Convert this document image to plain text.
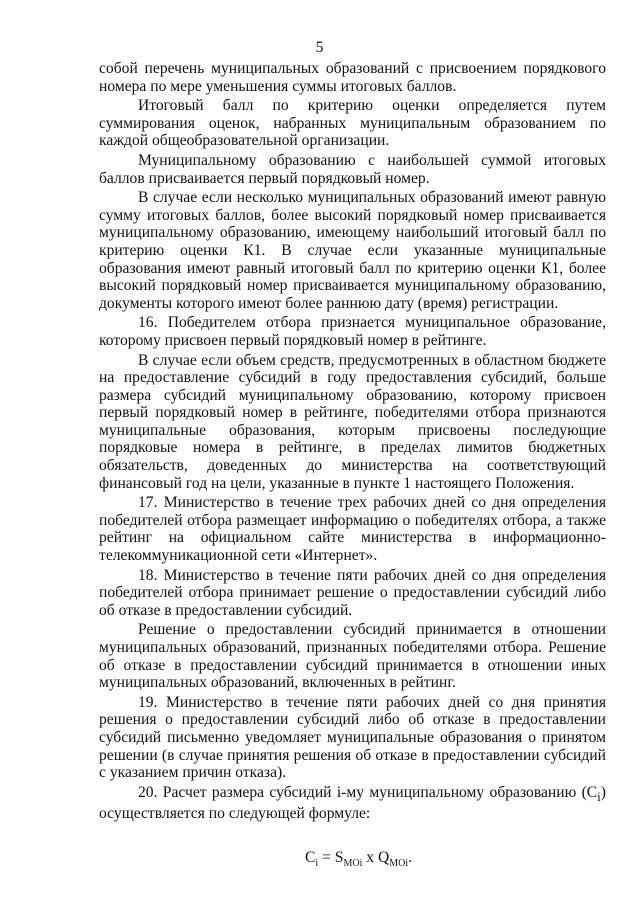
5

собой перечень муниципальных образований с присвоением порядкового номера по мере уменьшения суммы итоговых баллов.

Итоговый балл по критерию оценки определяется путем суммирования оценок, набранных муниципальным образованием по каждой общеобразовательной организации.

Муниципальному образованию с наибольшей суммой итоговых баллов присваивается первый порядковый номер.

В случае если несколько муниципальных образований имеют равную сумму итоговых баллов, более высокий порядковый номер присваивается муниципальному образованию, имеющему наибольший итоговый балл по критерию оценки К1. В случае если указанные муниципальные образования имеют равный итоговый балл по критерию оценки К1, более высокий порядковый номер присваивается муниципальному образованию, документы которого имеют более раннюю дату (время) регистрации.

16. Победителем отбора признается муниципальное образование, которому присвоен первый порядковый номер в рейтинге.

В случае если объем средств, предусмотренных в областном бюджете на предоставление субсидий в году предоставления субсидий, больше размера субсидий муниципальному образованию, которому присвоен первый порядковый номер в рейтинге, победителями отбора признаются муниципальные образования, которым присвоены последующие порядковые номера в рейтинге, в пределах лимитов бюджетных обязательств, доведенных до министерства на соответствующий финансовый год на цели, указанные в пункте 1 настоящего Положения.

17. Министерство в течение трех рабочих дней со дня определения победителей отбора размещает информацию о победителях отбора, а также рейтинг на официальном сайте министерства в информационно-телекоммуникационной сети «Интернет».

18. Министерство в течение пяти рабочих дней со дня определения победителей отбора принимает решение о предоставлении субсидий либо об отказе в предоставлении субсидий.

Решение о предоставлении субсидий принимается в отношении муниципальных образований, признанных победителями отбора. Решение об отказе в предоставлении субсидий принимается в отношении иных муниципальных образований, включенных в рейтинг.

19. Министерство в течение пяти рабочих дней со дня принятия решения о предоставлении субсидий либо об отказе в предоставлении субсидий письменно уведомляет муниципальные образования о принятом решении (в случае принятия решения об отказе в предоставлении субсидий с указанием причин отказа).

20. Расчет размера субсидий i-му муниципальному образованию $(C_i)$ осуществляется по следующей формуле:

$C_i = S_{MOi}$ x $Q_{MOi}$.
